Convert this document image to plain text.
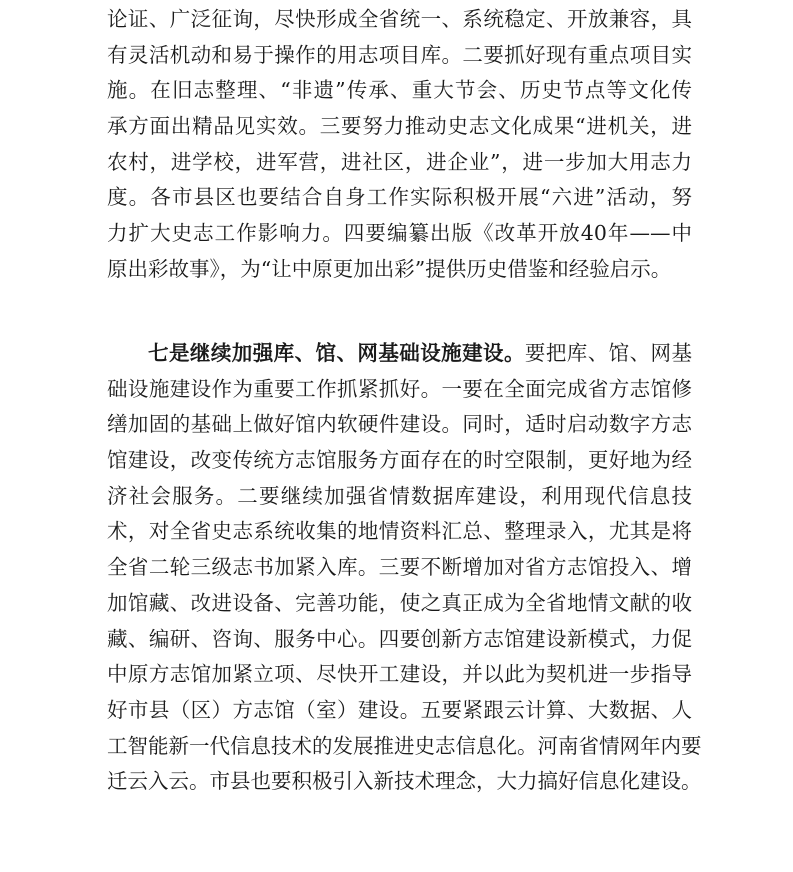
论证、广泛征询，尽快形成全省统一、系统稳定、开放兼容，具
有灵活机动和易于操作的用志项目库。二要抓好现有重点项目实
施。在旧志整理、“非遗”传承、重大节会、历史节点等文化传
承方面出精品见实效。三要努力推动史志文化成果“进机关，进
农村，进学校，进军营，进社区，进企业”，进一步加大用志力
度。各市县区也要结合自身工作实际积极开展“六进”活动，努
力扩大史志工作影响力。四要编纂出版《改革开放40年——中
原出彩故事》，为“让中原更加出彩”提供历史借鉴和经验启示。
七是继续加强库、馆、网基础设施建设。要把库、馆、网基
础设施建设作为重要工作抓紧抓好。一要在全面完成省方志馆修
缮加固的基础上做好馆内软硬件建设。同时，适时启动数字方志
馆建设，改变传统方志馆服务方面存在的时空限制，更好地为经
济社会服务。二要继续加强省情数据库建设，利用现代信息技
术，对全省史志系统收集的地情资料汇总、整理录入，尤其是将
全省二轮三级志书加紧入库。三要不断增加对省方志馆投入、增
加馆藏、改进设备、完善功能，使之真正成为全省地情文献的收
藏、编研、咨询、服务中心。四要创新方志馆建设新模式，力促
中原方志馆加紧立项、尽快开工建设，并以此为契机进一步指导
好市县（区）方志馆（室）建设。五要紧跟云计算、大数据、人
工智能新一代信息技术的发展推进史志信息化。河南省情网年内要
迁云入云。市县也要积极引入新技术理念，大力搞好信息化建设。
